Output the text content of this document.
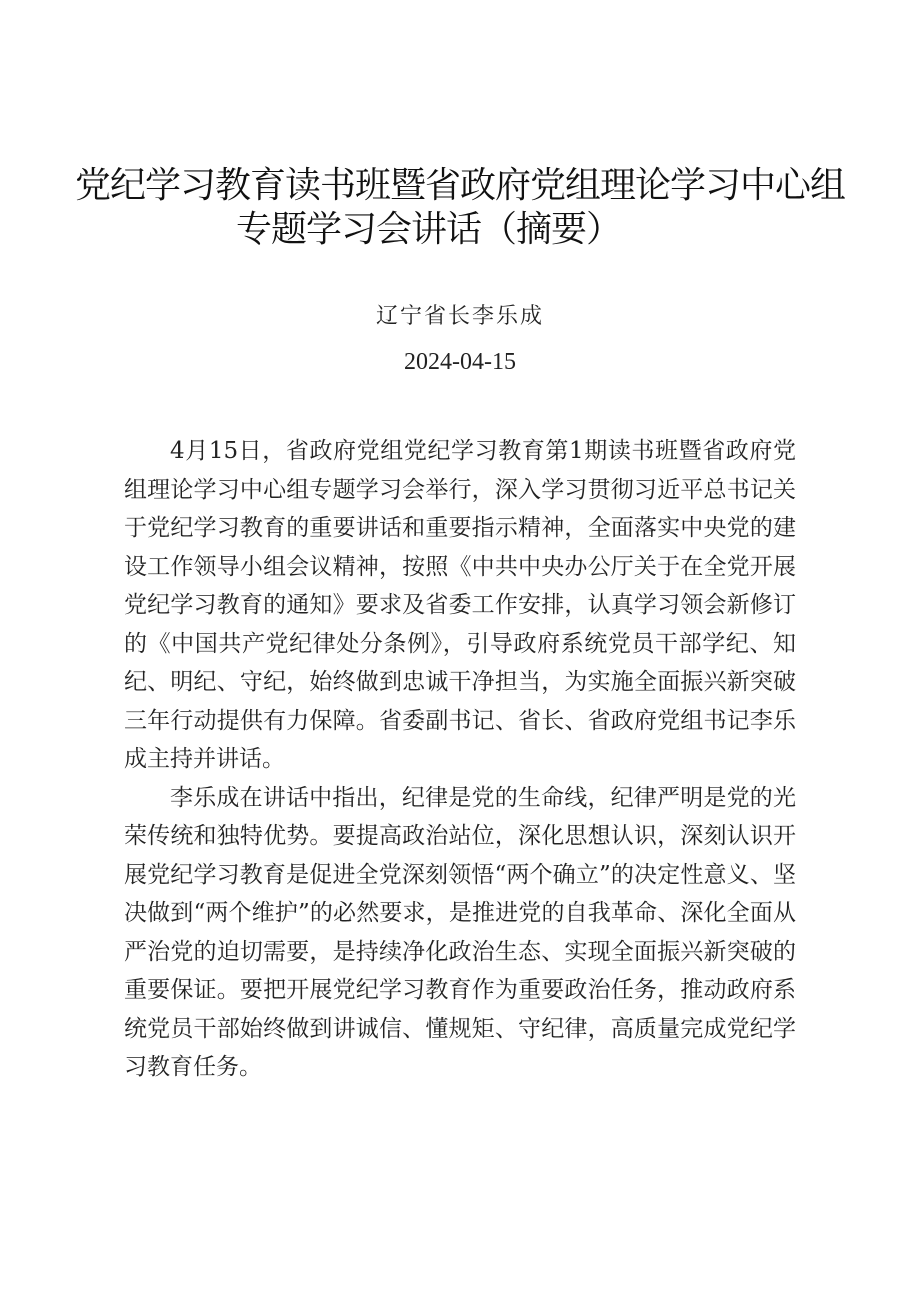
党纪学习教育读书班暨省政府党组理论学习中心组
专题学习会讲话（摘要）
辽宁省长李乐成
2024-04-15

4月15日，省政府党组党纪学习教育第1期读书班暨省政府党组理论学习中心组专题学习会举行，深入学习贯彻习近平总书记关于党纪学习教育的重要讲话和重要指示精神，全面落实中央党的建设工作领导小组会议精神，按照《中共中央办公厅关于在全党开展党纪学习教育的通知》要求及省委工作安排，认真学习领会新修订的《中国共产党纪律处分条例》，引导政府系统党员干部学纪、知纪、明纪、守纪，始终做到忠诚干净担当，为实施全面振兴新突破三年行动提供有力保障。省委副书记、省长、省政府党组书记李乐成主持并讲话。

李乐成在讲话中指出，纪律是党的生命线，纪律严明是党的光荣传统和独特优势。要提高政治站位，深化思想认识，深刻认识开展党纪学习教育是促进全党深刻领悟“两个确立”的决定性意义、坚决做到“两个维护”的必然要求，是推进党的自我革命、深化全面从严治党的迫切需要，是持续净化政治生态、实现全面振兴新突破的重要保证。要把开展党纪学习教育作为重要政治任务，推动政府系统党员干部始终做到讲诚信、懂规矩、守纪律，高质量完成党纪学习教育任务。
